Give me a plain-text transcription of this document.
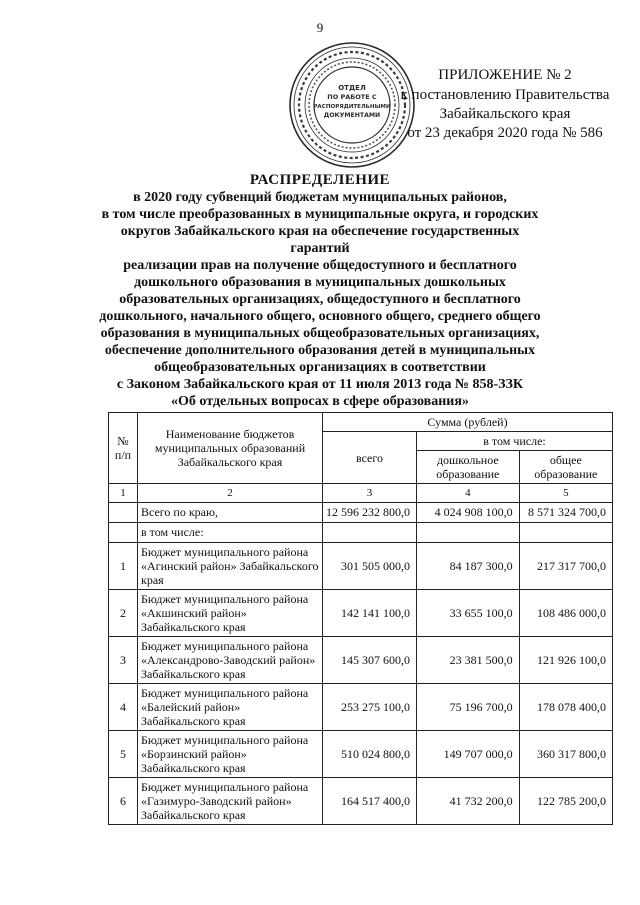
9
ОТДЕЛ
ПО РАБОТЕ С
РАСПОРЯДИТЕЛЬНЫМИ
ДОКУМЕНТАМИ
ПРИЛОЖЕНИЕ № 2
к постановлению Правительства
Забайкальского края
от 23 декабря 2020 года № 586
РАСПРЕДЕЛЕНИЕ
в 2020 году субвенций бюджетам муниципальных районов,
в том числе преобразованных в муниципальные округа, и городских
округов Забайкальского края на обеспечение государственных гарантий
реализации прав на получение общедоступного и бесплатного
дошкольного образования в муниципальных дошкольных
образовательных организациях, общедоступного и бесплатного
дошкольного, начального общего, основного общего, среднего общего
образования в муниципальных общеобразовательных организациях,
обеспечение дополнительного образования детей в муниципальных
общеобразовательных организациях в соответствии
с Законом Забайкальского края от 11 июля 2013 года № 858-ЗЗК
«Об отдельных вопросах в сфере образования»
№ п/п	Наименование бюджетов муниципальных образований Забайкальского края	Сумма (рублей)		
		всего	в том числе:	
			дошкольное образование	общее образование
1	2	3	4	5
	Всего по краю,	12 596 232 800,0	4 024 908 100,0	8 571 324 700,0
	в том числе:			
1	Бюджет муниципального района «Агинский район» Забайкальского края	301 505 000,0	84 187 300,0	217 317 700,0
2	Бюджет муниципального района «Акшинский район» Забайкальского края	142 141 100,0	33 655 100,0	108 486 000,0
3	Бюджет муниципального района «Александрово-Заводский район» Забайкальского края	145 307 600,0	23 381 500,0	121 926 100,0
4	Бюджет муниципального района «Балейский район» Забайкальского края	253 275 100,0	75 196 700,0	178 078 400,0
5	Бюджет муниципального района «Борзинский район» Забайкальского края	510 024 800,0	149 707 000,0	360 317 800,0
6	Бюджет муниципального района «Газимуро-Заводский район» Забайкальского края	164 517 400,0	41 732 200,0	122 785 200,0
